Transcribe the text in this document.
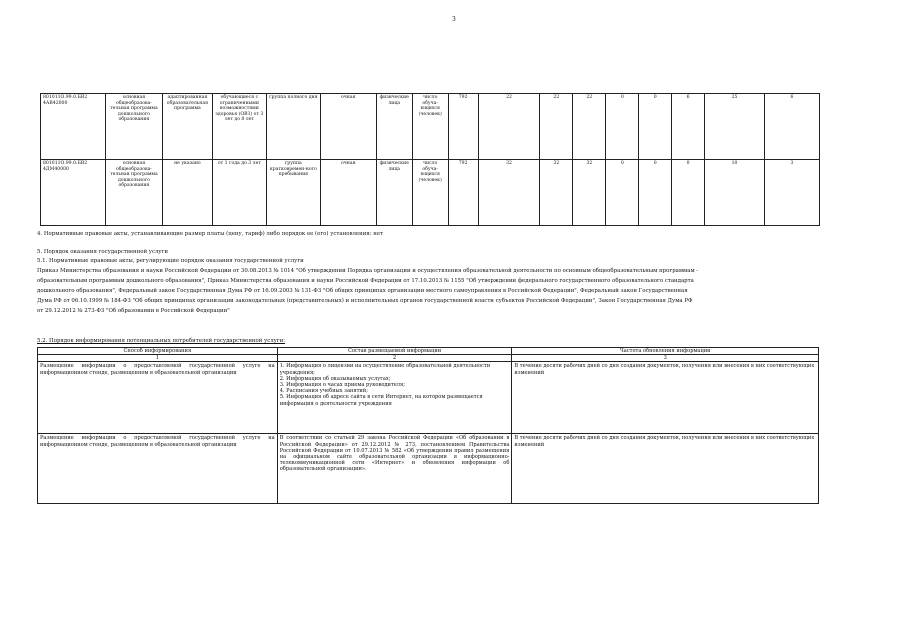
3
801011О.99.0.БВ2 4АВ42000	основная общеобразова-тельная программа дошкольного образования	адаптированная образовательная программа	обучающиеся с ограниченными возможностями здоровья (ОВЗ) от 3 лет до 8 лет	группа полного дня	очная	физические лица	число обуча-ющихся (человек)	792	22	22	22	0	0	6	25	6
801011О.99.0.БВ2 4ДМ40000	основная общеобразова-тельная программа дошкольного образования	не указано	от 1 года до 3 лет	группа кратковремен-ного пребывания	очная	физические лица	число обуча-ющихся (человек)	792	32	32	32	0	0	0	10	3
4. Нормативные правовые акты, устанавливающие размер платы (цену, тариф) либо порядок ее (его) установления: нет
5. Порядок оказания государственной услуги
5.1. Нормативные правовые акты, регулирующие порядок оказания государственной услуги
Приказ Министерства образования и науки Российской Федерации от 30.08.2013 № 1014 "Об утверждении Порядка организации и осуществления образовательной деятельности по основным общеобразовательным программам -
образовательным программам дошкольного образования", Приказ Министерства образования и науки Российской Федерации от 17.10.2013 № 1155 "Об утверждении федерального государственного образовательного стандарта
дошкольного образования", Федеральный закон Государственная Дума РФ от 16.09.2003 № 131-ФЗ "Об общих принципах организации местного самоуправления в Российской Федерации", Федеральный закон Государственная
Дума РФ от 06.10.1999 № 184-ФЗ "Об общих принципах организации законодательных (представительных) и исполнительных органов государственной власти субъектов Российской Федерации", Закон Государственная Дума РФ
от 29.12.2012 № 273-ФЗ "Об образовании в Российской Федерации"
5.2. Порядок информирования потенциальных потребителей государственной услуги:
Способ информирования	Состав размещаемой информации	Частота обновления информации
1	2	3
Размещение информации о предоставляемой государственной услуге на информационном стенде, размещенном в образовательной организации	1. Информация о лицензии на осуществление образовательной деятельности учреждения;
2. Информация об оказываемых услугах;
3. Информация о часах приема руководителя;
4. Расписания учебных занятий;
5. Информация об адресе сайта в сети Интернет, на котором размещается информация о деятельности учреждения	В течение десяти рабочих дней со дня создания документов, получения или внесения в них соответствующих изменений
Размещение информации о предоставляемой государственной услуге на информационном стенде, размещенном в образовательной организации	В соответствии со статьей 29 закона Российской Федерации «Об образовании в Российской Федерации» от 29.12.2012 № 273, постановлением Правительства Российской Федерации от 10.07.2013 № 582 «Об утверждении правил размещения на официальном сайте образовательной организации в информационно-телекоммуникационной сети «Интернет» и обновления информации об образовательной организации».	В течение десяти рабочих дней со дня создания документов, получения или внесения в них соответствующих изменений
